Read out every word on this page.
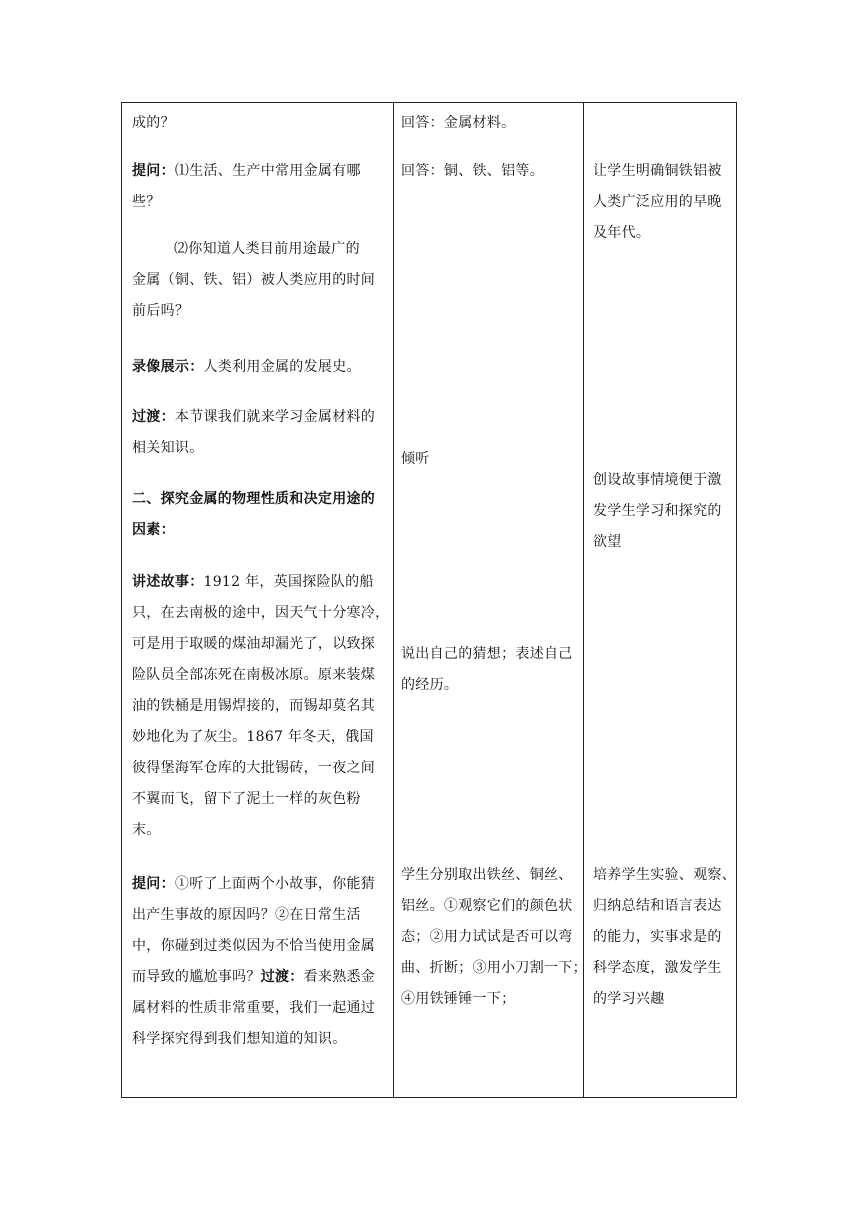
成的？

提问：⑴生活、生产中常用金属有哪

些？

⑵你知道人类目前用途最广的

金属（铜、铁、铝）被人类应用的时间

前后吗？

录像展示：人类利用金属的发展史。

过渡：本节课我们就来学习金属材料的

相关知识。

二、探究金属的物理性质和决定用途的

因素：

讲述故事：1912 年，英国探险队的船

只，在去南极的途中，因天气十分寒冷，

可是用于取暖的煤油却漏光了，以致探

险队员全部冻死在南极冰原。原来装煤

油的铁桶是用锡焊接的，而锡却莫名其

妙地化为了灰尘。1867 年冬天，俄国

彼得堡海军仓库的大批锡砖，一夜之间

不翼而飞，留下了泥土一样的灰色粉

末。

提问：①听了上面两个小故事，你能猜

出产生事故的原因吗？②在日常生活

中，你碰到过类似因为不恰当使用金属

而导致的尴尬事吗？过渡：看来熟悉金

属材料的性质非常重要，我们一起通过

科学探究得到我们想知道的知识。

回答：金属材料。

回答：铜、铁、铝等。

倾听

说出自己的猜想；表述自己

的经历。

学生分别取出铁丝、铜丝、

铝丝。①观察它们的颜色状

态；②用力试试是否可以弯

曲、折断；③用小刀割一下；

④用铁锤锤一下；

让学生明确铜铁铝被

人类广泛应用的早晚

及年代。

创设故事情境便于激

发学生学习和探究的

欲望

培养学生实验、观察、

归纳总结和语言表达

的能力，实事求是的

科学态度，激发学生

的学习兴趣
